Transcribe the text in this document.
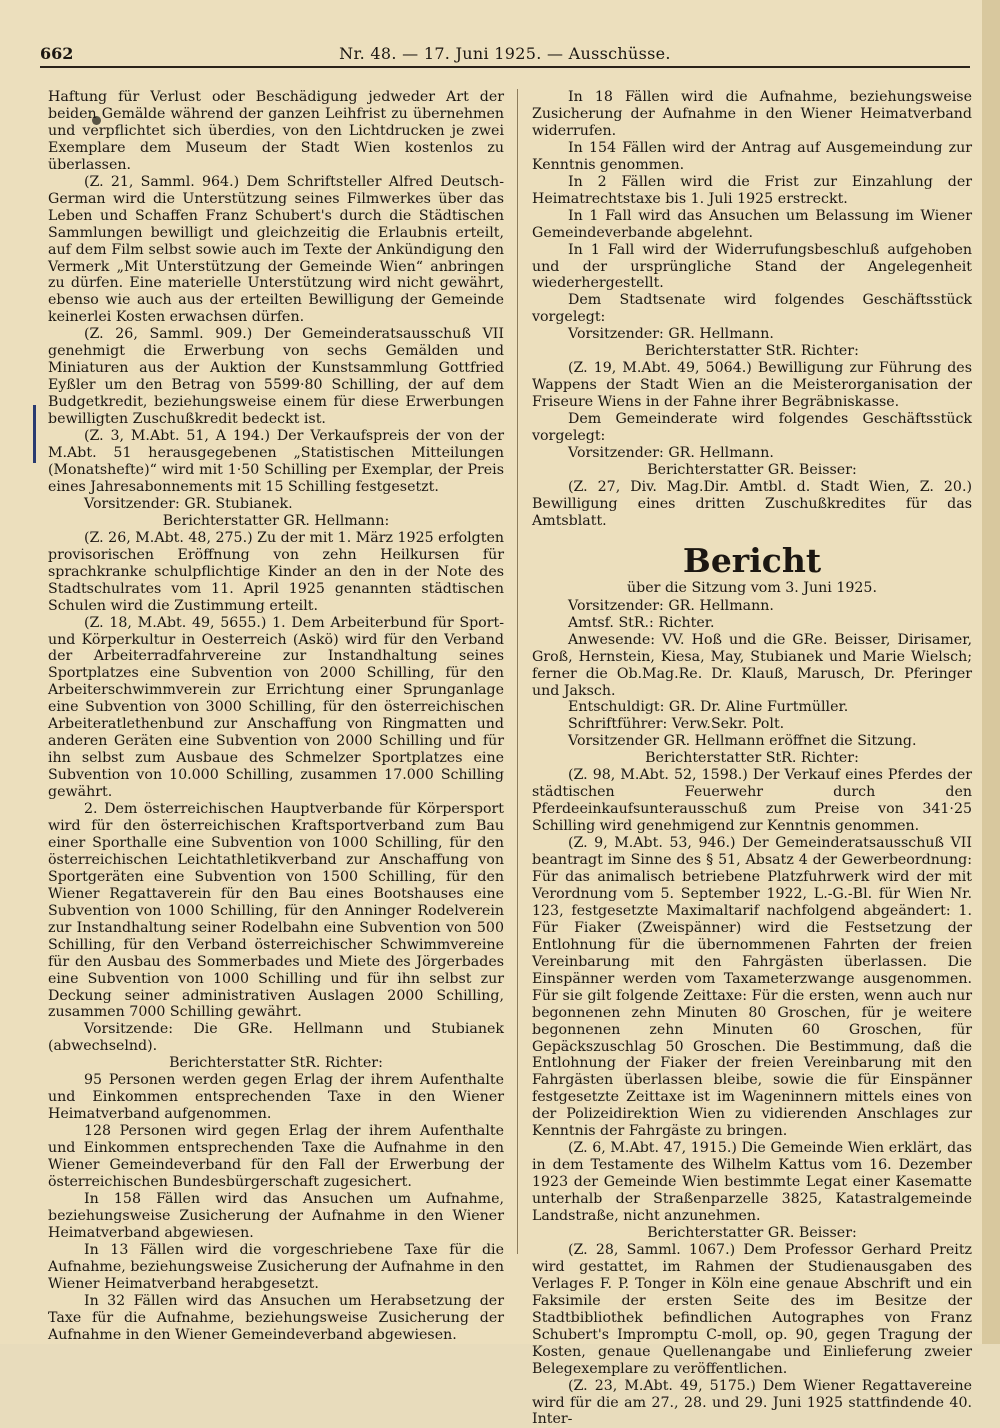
662	Nr. 48. — 17. Juni 1925. — Ausschüsse.

Haftung für Verlust oder Beschädigung jedweder Art der beiden Gemälde während der ganzen Leihfrist zu übernehmen und verpflichtet sich überdies, von den Lichtdrucken je zwei Exemplare dem Museum der Stadt Wien kostenlos zu überlassen.

(Z. 21, Samml. 964.) Dem Schriftsteller Alfred Deutsch-German wird die Unterstützung seines Filmwerkes über das Leben und Schaffen Franz Schubert's durch die Städtischen Sammlungen bewilligt und gleichzeitig die Erlaubnis erteilt, auf dem Film selbst sowie auch im Texte der Ankündigung den Vermerk „Mit Unterstützung der Gemeinde Wien“ anbringen zu dürfen. Eine materielle Unterstützung wird nicht gewährt, ebenso wie auch aus der erteilten Bewilligung der Gemeinde keinerlei Kosten erwachsen dürfen.

(Z. 26, Samml. 909.) Der Gemeinderatsausschuß VII genehmigt die Erwerbung von sechs Gemälden und Miniaturen aus der Auktion der Kunstsammlung Gottfried Eyßler um den Betrag von 5599·80 Schilling, der auf dem Budgetkredit, beziehungsweise einem für diese Erwerbungen bewilligten Zuschußkredit bedeckt ist.

(Z. 3, M.Abt. 51, A 194.) Der Verkaufspreis der von der M.Abt. 51 herausgegebenen „Statistischen Mitteilungen (Monatshefte)“ wird mit 1·50 Schilling per Exemplar, der Preis eines Jahresabonnements mit 15 Schilling festgesetzt.

Vorsitzender: GR. Stubianek.

Berichterstatter GR. Hellmann:

(Z. 26, M.Abt. 48, 275.) Zu der mit 1. März 1925 erfolgten provisorischen Eröffnung von zehn Heilkursen für sprachkranke schulpflichtige Kinder an den in der Note des Stadtschulrates vom 11. April 1925 genannten städtischen Schulen wird die Zustimmung erteilt.

(Z. 18, M.Abt. 49, 5655.) 1. Dem Arbeiterbund für Sport- und Körperkultur in Oesterreich (Askö) wird für den Verband der Arbeiterradfahrvereine zur Instandhaltung seines Sportplatzes eine Subvention von 2000 Schilling, für den Arbeiterschwimmverein zur Errichtung einer Sprunganlage eine Subvention von 3000 Schilling, für den österreichischen Arbeiteratlethenbund zur Anschaffung von Ringmatten und anderen Geräten eine Subvention von 2000 Schilling und für ihn selbst zum Ausbaue des Schmelzer Sportplatzes eine Subvention von 10.000 Schilling, zusammen 17.000 Schilling gewährt.

2. Dem österreichischen Hauptverbande für Körpersport wird für den österreichischen Kraftsportverband zum Bau einer Sporthalle eine Subvention von 1000 Schilling, für den österreichischen Leichtathletikverband zur Anschaffung von Sportgeräten eine Subvention von 1500 Schilling, für den Wiener Regattaverein für den Bau eines Bootshauses eine Subvention von 1000 Schilling, für den Anninger Rodelverein zur Instandhaltung seiner Rodelbahn eine Subvention von 500 Schilling, für den Verband österreichischer Schwimmvereine für den Ausbau des Sommerbades und Miete des Jörgerbades eine Subvention von 1000 Schilling und für ihn selbst zur Deckung seiner administrativen Auslagen 2000 Schilling, zusammen 7000 Schilling gewährt.

Vorsitzende: Die GRe. Hellmann und Stubianek (abwechselnd).

Berichterstatter StR. Richter:

95 Personen werden gegen Erlag der ihrem Aufenthalte und Einkommen entsprechenden Taxe in den Wiener Heimatverband aufgenommen.

128 Personen wird gegen Erlag der ihrem Aufenthalte und Einkommen entsprechenden Taxe die Aufnahme in den Wiener Gemeindeverband für den Fall der Erwerbung der österreichischen Bundesbürgerschaft zugesichert.

In 158 Fällen wird das Ansuchen um Aufnahme, beziehungsweise Zusicherung der Aufnahme in den Wiener Heimatverband abgewiesen.

In 13 Fällen wird die vorgeschriebene Taxe für die Aufnahme, beziehungsweise Zusicherung der Aufnahme in den Wiener Heimatverband herabgesetzt.

In 32 Fällen wird das Ansuchen um Herabsetzung der Taxe für die Aufnahme, beziehungsweise Zusicherung der Aufnahme in den Wiener Gemeindeverband abgewiesen.

In 18 Fällen wird die Aufnahme, beziehungsweise Zusicherung der Aufnahme in den Wiener Heimatverband widerrufen.

In 154 Fällen wird der Antrag auf Ausgemeindung zur Kenntnis genommen.

In 2 Fällen wird die Frist zur Einzahlung der Heimatrechtstaxe bis 1. Juli 1925 erstreckt.

In 1 Fall wird das Ansuchen um Belassung im Wiener Gemeindeverbande abgelehnt.

In 1 Fall wird der Widerrufungsbeschluß aufgehoben und der ursprüngliche Stand der Angelegenheit wiederhergestellt.

Dem Stadtsenate wird folgendes Geschäftsstück vorgelegt:

Vorsitzender: GR. Hellmann.

Berichterstatter StR. Richter:

(Z. 19, M.Abt. 49, 5064.) Bewilligung zur Führung des Wappens der Stadt Wien an die Meisterorganisation der Friseure Wiens in der Fahne ihrer Begräbniskasse.

Dem Gemeinderate wird folgendes Geschäftsstück vorgelegt:

Vorsitzender: GR. Hellmann.

Berichterstatter GR. Beisser:

(Z. 27, Div. Mag.Dir. Amtbl. d. Stadt Wien, Z. 20.) Bewilligung eines dritten Zuschußkredites für das Amtsblatt.

Bericht

über die Sitzung vom 3. Juni 1925.

Vorsitzender: GR. Hellmann.

Amtsf. StR.: Richter.

Anwesende: VV. Hoß und die GRe. Beisser, Dirisamer, Groß, Hernstein, Kiesa, May, Stubianek und Marie Wielsch; ferner die Ob.Mag.Re. Dr. Klauß, Marusch, Dr. Pferinger und Jaksch.

Entschuldigt: GR. Dr. Aline Furtmüller.

Schriftführer: Verw.Sekr. Polt.

Vorsitzender GR. Hellmann eröffnet die Sitzung.

Berichterstatter StR. Richter:

(Z. 98, M.Abt. 52, 1598.) Der Verkauf eines Pferdes der städtischen Feuerwehr durch den Pferdeeinkaufsunterausschuß zum Preise von 341·25 Schilling wird genehmigend zur Kenntnis genommen.

(Z. 9, M.Abt. 53, 946.) Der Gemeinderatsausschuß VII beantragt im Sinne des § 51, Absatz 4 der Gewerbeordnung: Für das animalisch betriebene Platzfuhrwerk wird der mit Verordnung vom 5. September 1922, L.-G.-Bl. für Wien Nr. 123, festgesetzte Maximaltarif nachfolgend abgeändert: 1. Für Fiaker (Zweispänner) wird die Festsetzung der Entlohnung für die übernommenen Fahrten der freien Vereinbarung mit den Fahrgästen überlassen. Die Einspänner werden vom Taxameterzwange ausgenommen. Für sie gilt folgende Zeittaxe: Für die ersten, wenn auch nur begonnenen zehn Minuten 80 Groschen, für je weitere begonnenen zehn Minuten 60 Groschen, für Gepäckszuschlag 50 Groschen. Die Bestimmung, daß die Entlohnung der Fiaker der freien Vereinbarung mit den Fahrgästen überlassen bleibe, sowie die für Einspänner festgesetzte Zeittaxe ist im Wageninnern mittels eines von der Polizeidirektion Wien zu vidierenden Anschlages zur Kenntnis der Fahrgäste zu bringen.

(Z. 6, M.Abt. 47, 1915.) Die Gemeinde Wien erklärt, das in dem Testamente des Wilhelm Kattus vom 16. Dezember 1923 der Gemeinde Wien bestimmte Legat einer Kasematte unterhalb der Straßenparzelle 3825, Katastralgemeinde Landstraße, nicht anzunehmen.

Berichterstatter GR. Beisser:

(Z. 28, Samml. 1067.) Dem Professor Gerhard Preitz wird gestattet, im Rahmen der Studienausgaben des Verlages F. P. Tonger in Köln eine genaue Abschrift und ein Faksimile der ersten Seite des im Besitze der Stadtbibliothek befindlichen Autographes von Franz Schubert's Impromptu C-moll, op. 90, gegen Tragung der Kosten, genaue Quellenangabe und Einlieferung zweier Belegexemplare zu veröffentlichen.

(Z. 23, M.Abt. 49, 5175.) Dem Wiener Regattavereine wird für die am 27., 28. und 29. Juni 1925 stattfindende 40. Inter-
